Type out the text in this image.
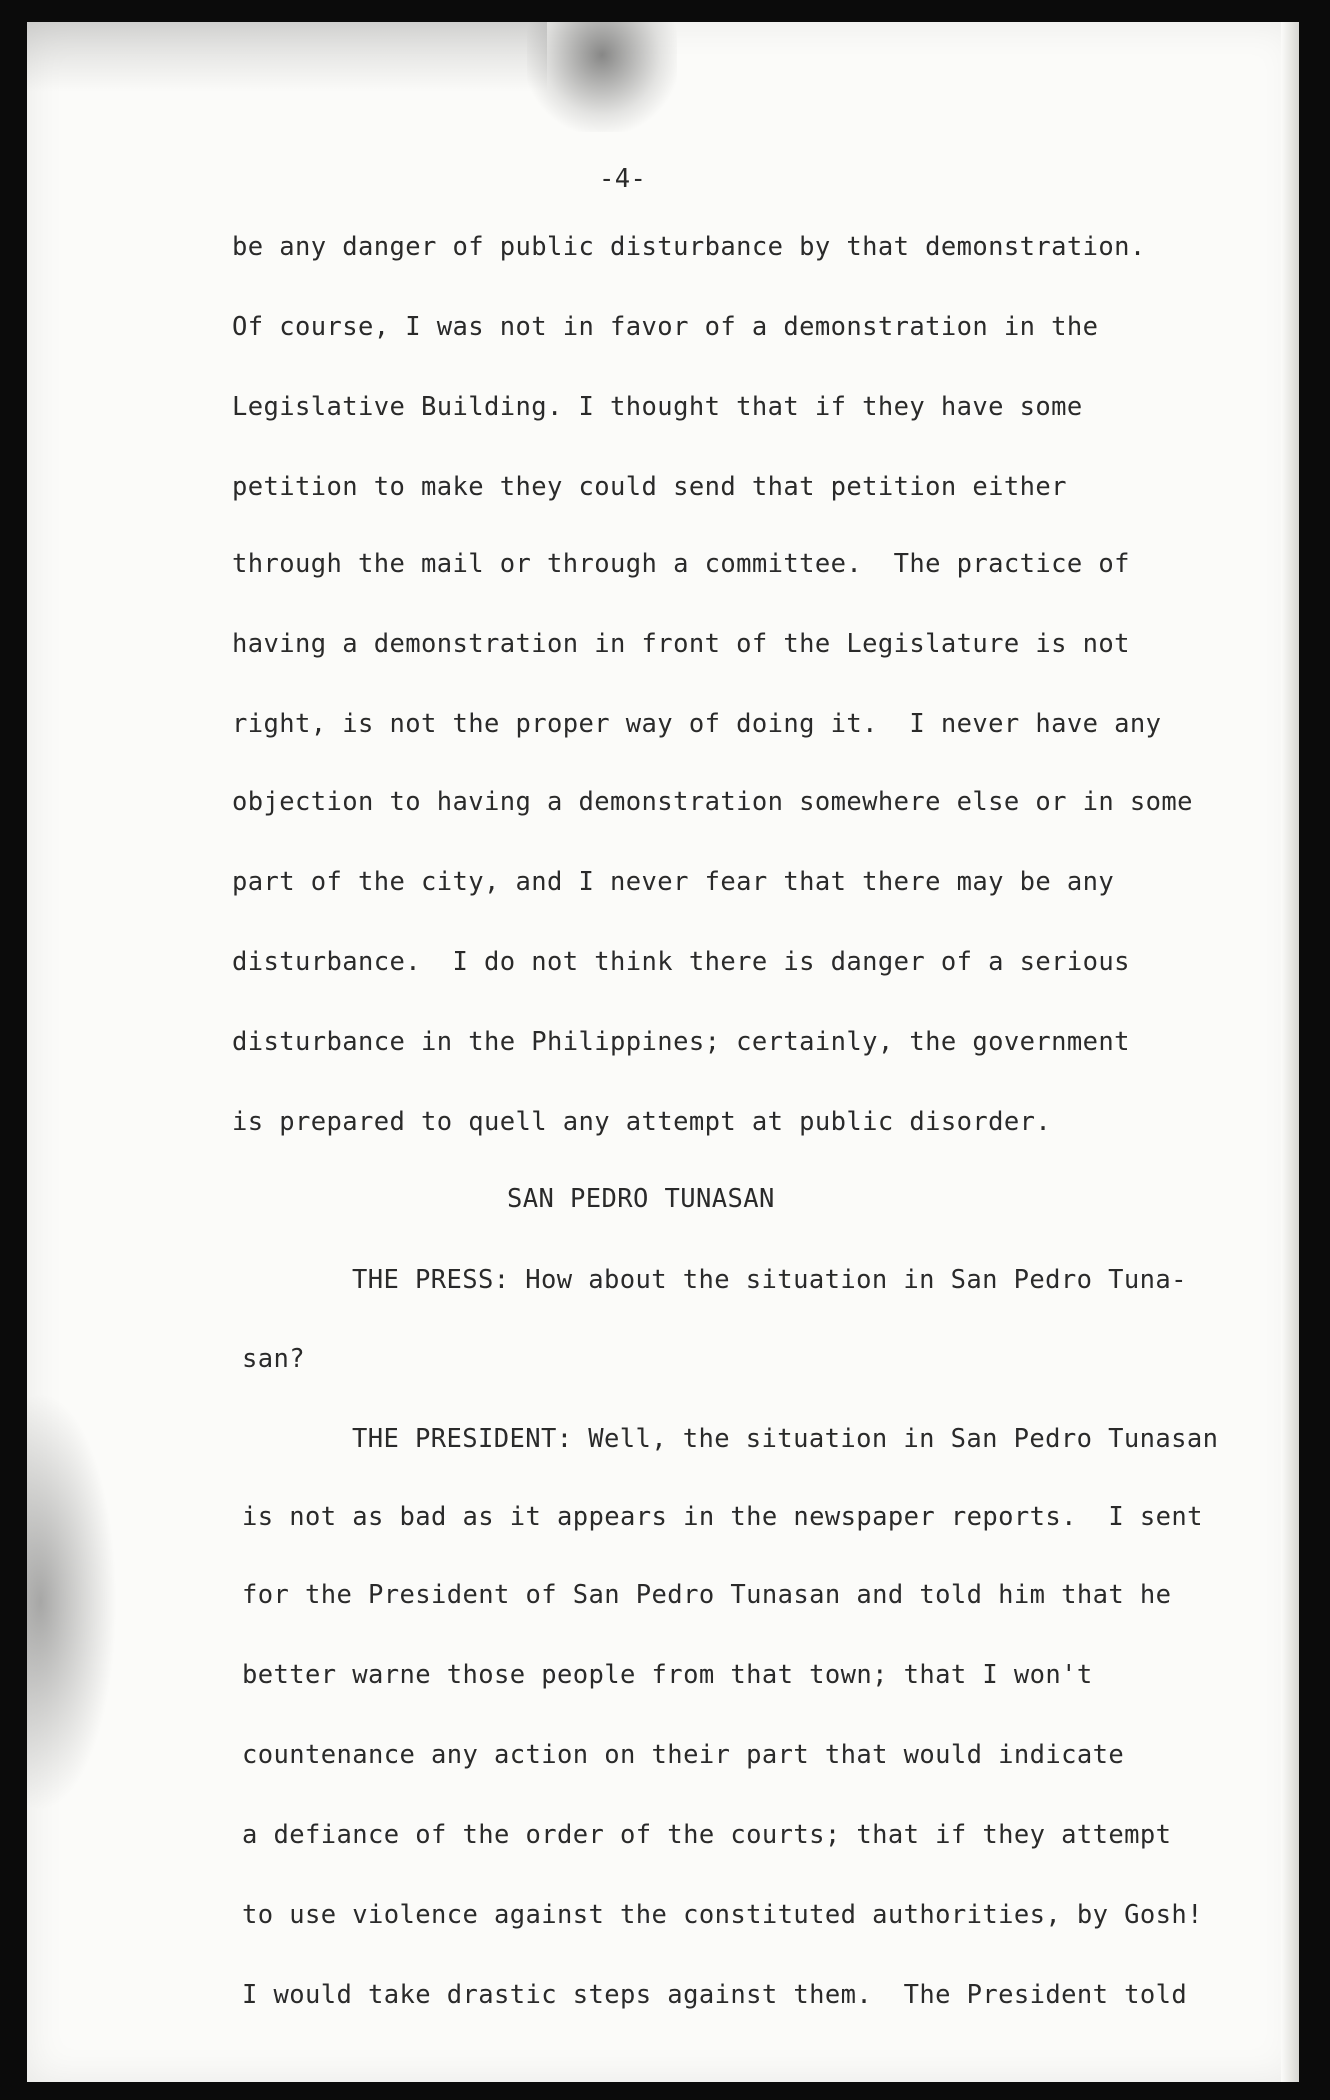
-4-
be any danger of public disturbance by that demonstration.
Of course, I was not in favor of a demonstration in the
Legislative Building. I thought that if they have some
petition to make they could send that petition either
through the mail or through a committee.  The practice of
having a demonstration in front of the Legislature is not
right, is not the proper way of doing it.  I never have any
objection to having a demonstration somewhere else or in some
part of the city, and I never fear that there may be any
disturbance.  I do not think there is danger of a serious
disturbance in the Philippines; certainly, the government
is prepared to quell any attempt at public disorder.
SAN PEDRO TUNASAN
THE PRESS: How about the situation in San Pedro Tuna-
san?
THE PRESIDENT: Well, the situation in San Pedro Tunasan
is not as bad as it appears in the newspaper reports.  I sent
for the President of San Pedro Tunasan and told him that he
better warne those people from that town; that I won't
countenance any action on their part that would indicate
a defiance of the order of the courts; that if they attempt
to use violence against the constituted authorities, by Gosh!
I would take drastic steps against them.  The President told
